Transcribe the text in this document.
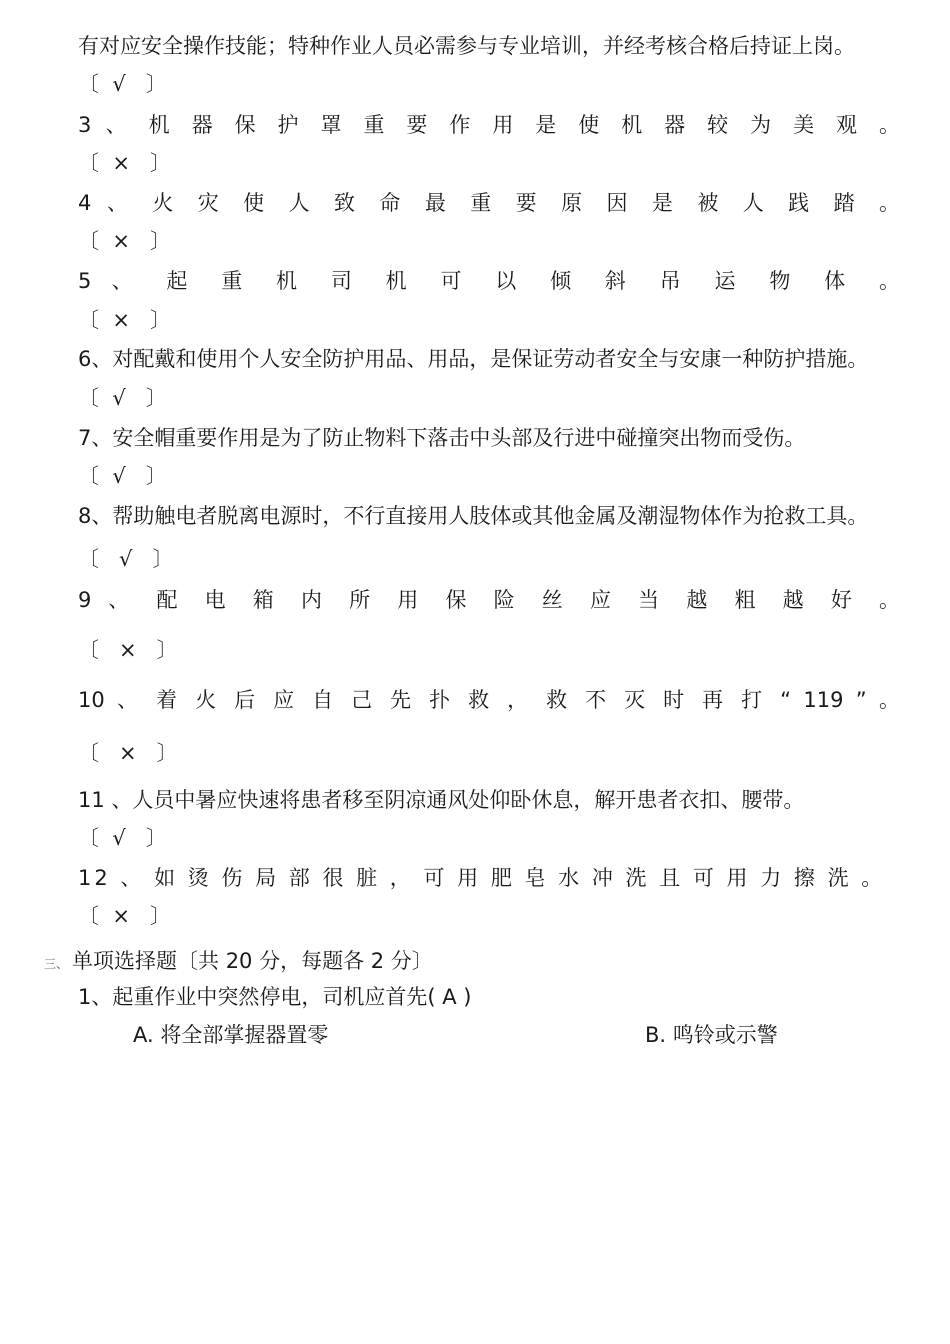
有对应安全操作技能；特种作业人员必需参与专业培训，并经考核合格后持证上岗。
〔  √   〕
3 、 机 器 保 护 罩 重 要 作 用 是 使 机 器 较 为 美 观 。
〔  ×   〕
4 、 火 灾 使 人 致 命 最 重 要 原 因 是 被 人 践 踏 。
〔  ×   〕
5 、 起 重 机 司 机 可 以 倾 斜 吊 运 物 体 。
〔  ×   〕
6、对配戴和使用个人安全防护用品、用品，是保证劳动者安全与安康一种防护措施。
〔  √   〕
7、安全帽重要作用是为了防止物料下落击中头部及行进中碰撞突出物而受伤。
〔  √   〕
8、帮助触电者脱离电源时，不行直接用人肢体或其他金属及潮湿物体作为抢救工具。
〔   √   〕
9 、 配 电 箱 内 所 用 保 险 丝 应 当 越 粗 越 好 。
〔   ×   〕
10 、 着 火 后 应 自 己 先 扑 救 ， 救 不 灭 时 再 打 “ 119 ” 。
〔   ×   〕
11 、人员中暑应快速将患者移至阴凉通风处仰卧休息，解开患者衣扣、腰带。
〔  √   〕
12 、 如 烫 伤 局 部 很 脏 ， 可 用 肥 皂 水 冲 洗 且 可 用 力 擦 洗 。
〔  ×   〕
三、 单项选择题〔共 20 分，每题各 2 分〕
1、起重作业中突然停电，司机应首先( A )
A. 将全部掌握器置零	B. 鸣铃或示警
